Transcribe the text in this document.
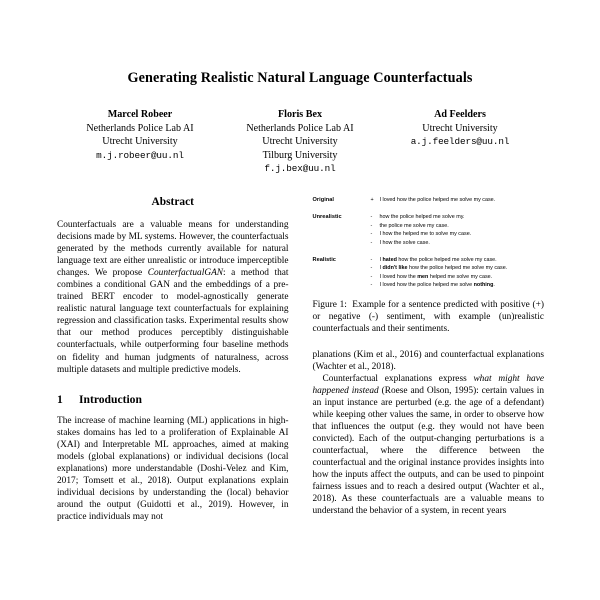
Generating Realistic Natural Language Counterfactuals
Marcel Robeer
Netherlands Police Lab AI
Utrecht University
m.j.robeer@uu.nl
Floris Bex
Netherlands Police Lab AI
Utrecht University
Tilburg University
f.j.bex@uu.nl
Ad Feelders
Utrecht University
a.j.feelders@uu.nl
Abstract

Counterfactuals are a valuable means for understanding decisions made by ML systems. However, the counterfactuals generated by the methods currently available for natural language text are either unrealistic or introduce imperceptible changes. We propose CounterfactualGAN: a method that combines a conditional GAN and the embeddings of a pre-trained BERT encoder to model-agnostically generate realistic natural language text counterfactuals for explaining regression and classification tasks. Experimental results show that our method produces perceptibly distinguishable counterfactuals, while outperforming four baseline methods on fidelity and human judgments of naturalness, across multiple datasets and multiple predictive models.

1	Introduction

The increase of machine learning (ML) applications in high-stakes domains has led to a proliferation of Explainable AI (XAI) and Interpretable ML approaches, aimed at making models (global explanations) or individual decisions (local explanations) more understandable (Doshi-Velez and Kim, 2017; Tomsett et al., 2018). Output explanations explain individual decisions by understanding the (local) behavior around the output (Guidotti et al., 2019). However, in practice individuals may not

Original	+	I loved how the police helped me solve my case.
Unrealistic	-	how the police helped me solve my.
-	the police me solve my case.
-	I how the helped me to solve my case.
-	I how the solve case.
Realistic	-	I hated how the police helped me solve my case.
-	I didn't like how the police helped me solve my case.
-	I loved how the men helped me solve my case.
-	I loved how the police helped me solve nothing.
Figure 1: Example for a sentence predicted with positive (+) or negative (-) sentiment, with example (un)realistic counterfactuals and their sentiments.

planations (Kim et al., 2016) and counterfactual explanations (Wachter et al., 2018).

Counterfactual explanations express what might have happened instead (Roese and Olson, 1995): certain values in an input instance are perturbed (e.g. the age of a defendant) while keeping other values the same, in order to observe how that influences the output (e.g. they would not have been convicted). Each of the output-changing perturbations is a counterfactual, where the difference between the counterfactual and the original instance provides insights into how the inputs affect the outputs, and can be used to pinpoint fairness issues and to reach a desired output (Wachter et al., 2018). As these counterfactuals are a valuable means to understand the behavior of a system, in recent years
